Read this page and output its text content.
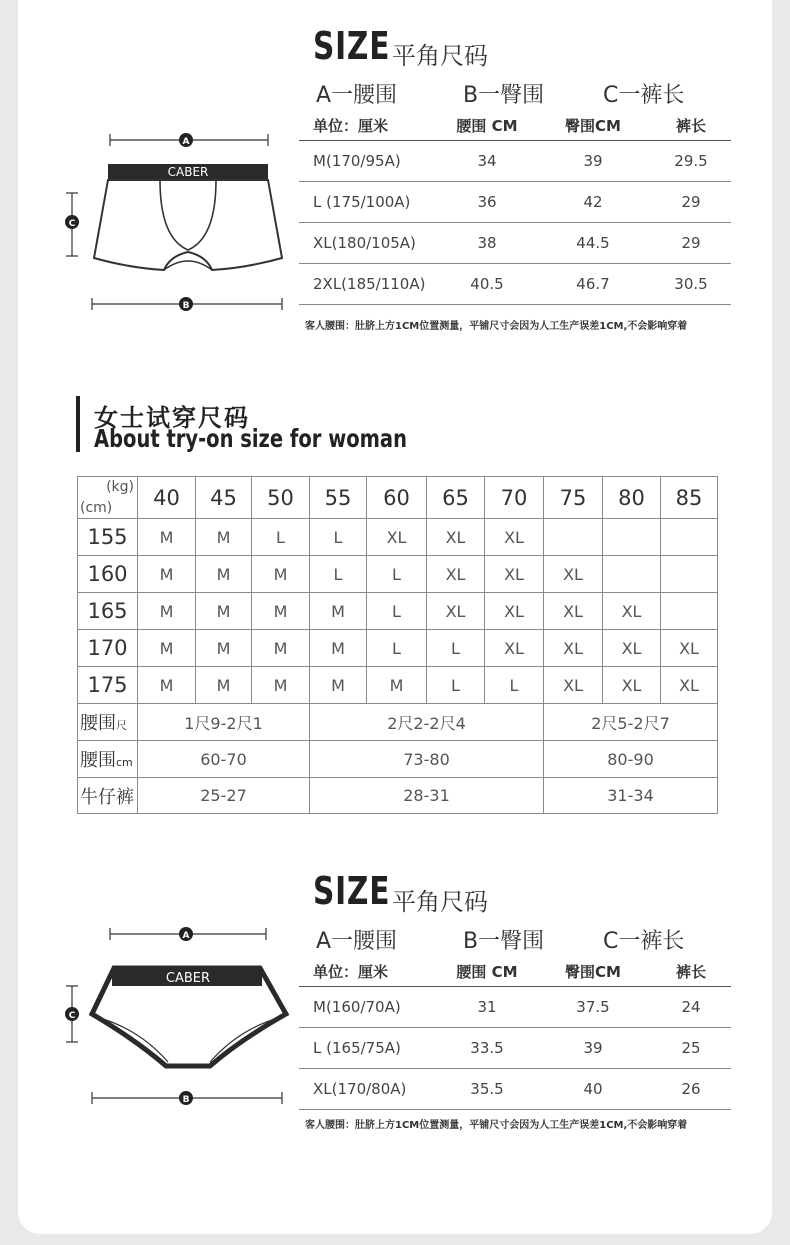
SIZE 平角尺码
A一腰围	B一臀围	C一裤长
A
C
CABER
B
单位：厘米	腰围 CM	臀围CM	裤长
M(170/95A)	34	39	29.5
L (175/100A)	36	42	29
XL(180/105A)	38	44.5	29
2XL(185/110A)	40.5	46.7	30.5
客人腰围：肚脐上方1CM位置测量，平铺尺寸会因为人工生产误差1CM,不会影响穿着
女士试穿尺码
About try-on size for woman
(kg)
(cm)	40	45	50	55	60	65	70	75	80	85
155	M	M	L	L	XL	XL	XL			
160	M	M	M	L	L	XL	XL	XL		
165	M	M	M	M	L	XL	XL	XL	XL	
170	M	M	M	M	L	L	XL	XL	XL	XL
175	M	M	M	M	M	L	L	XL	XL	XL
腰围尺	1尺9-2尺1			2尺2-2尺4				2尺5-2尺7		
腰围cm	60-70			73-80				80-90		
牛仔裤	25-27			28-31				31-34		
SIZE 平角尺码
A一腰围	B一臀围	C一裤长
A
C
CABER
B
单位：厘米	腰围 CM	臀围CM	裤长
M(160/70A)	31	37.5	24
L (165/75A)	33.5	39	25
XL(170/80A)	35.5	40	26
客人腰围：肚脐上方1CM位置测量，平铺尺寸会因为人工生产误差1CM,不会影响穿着
